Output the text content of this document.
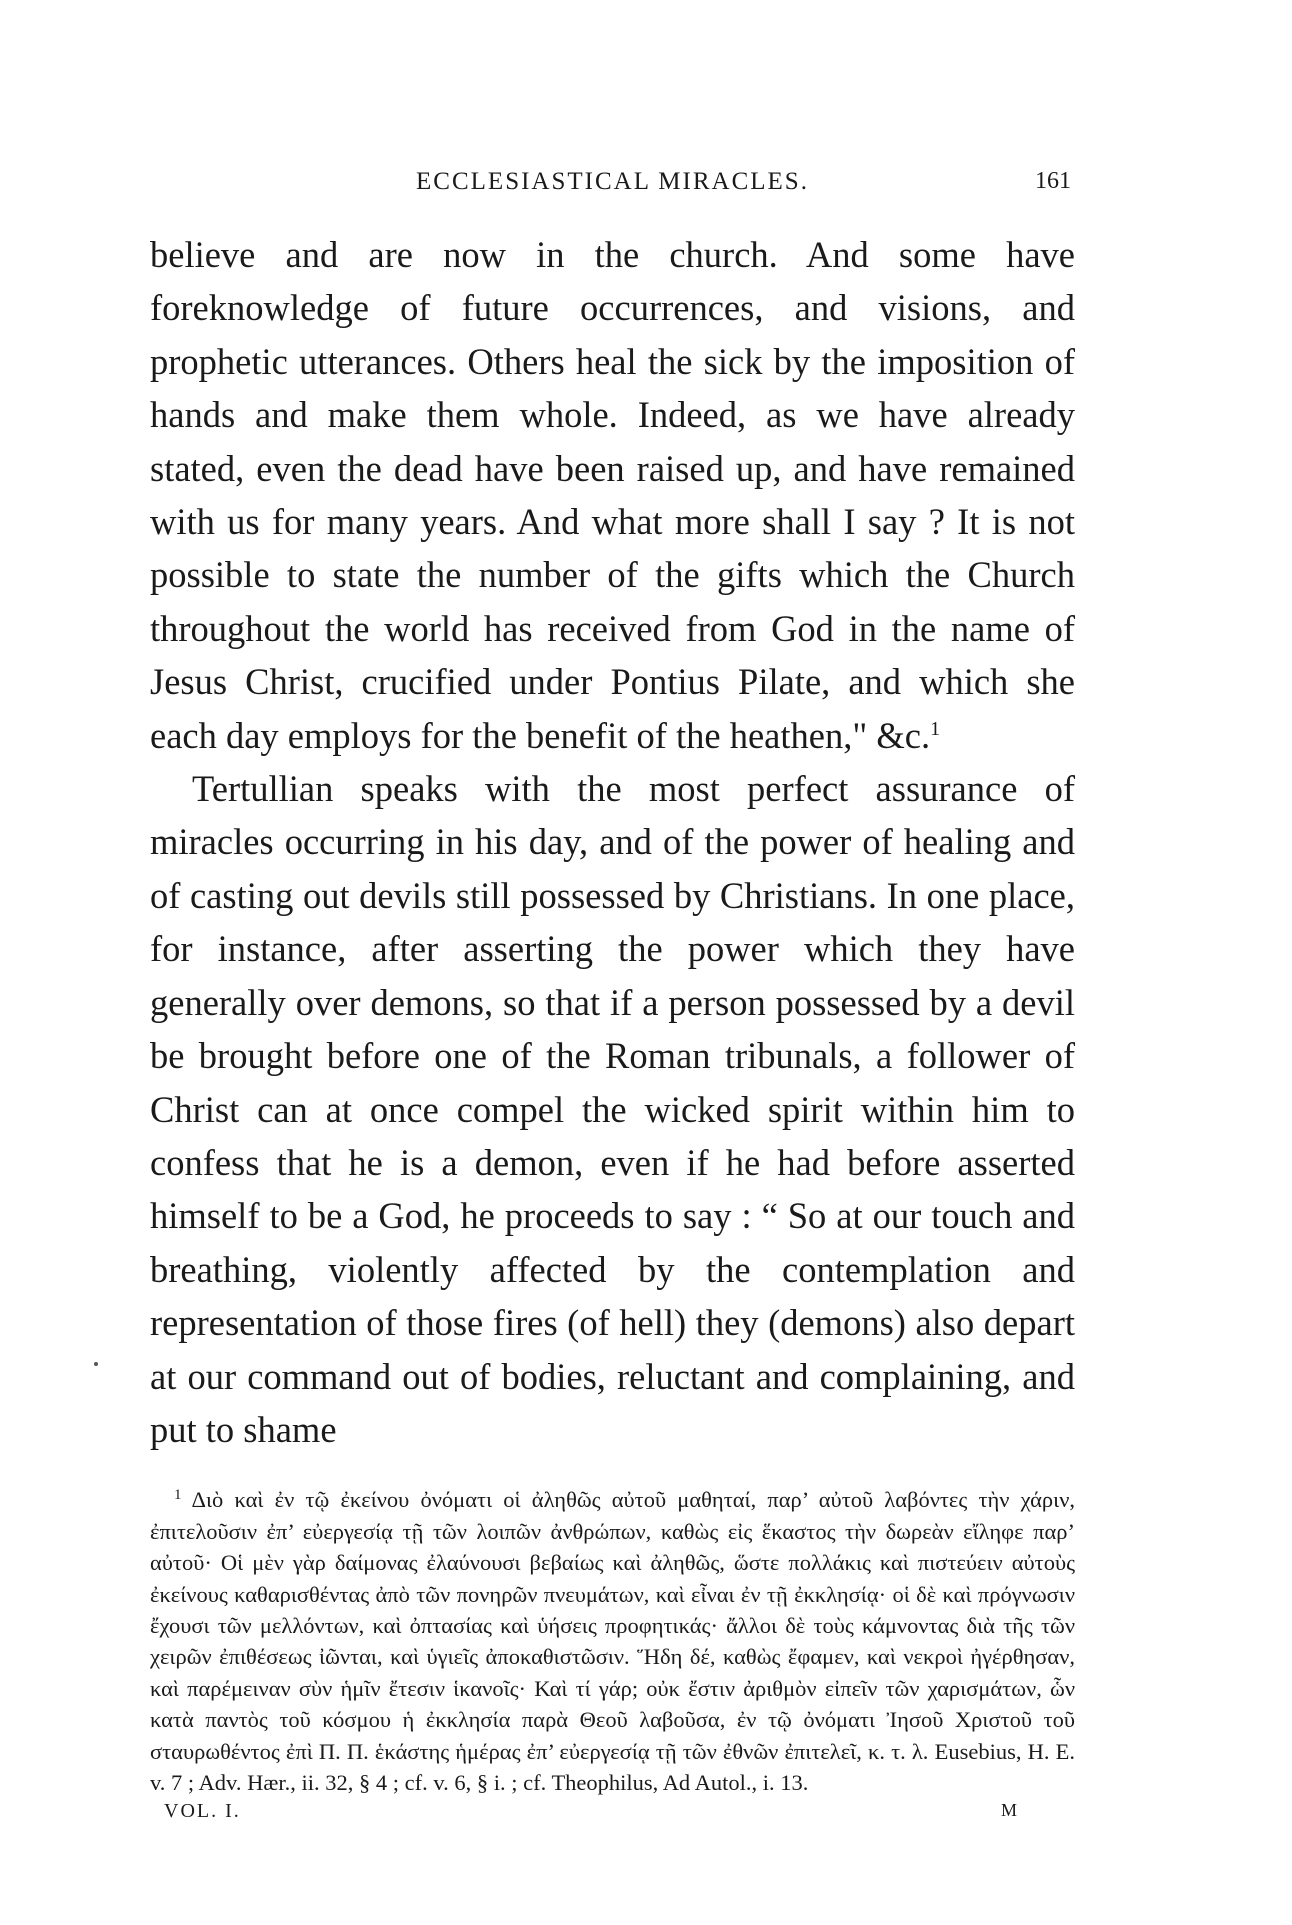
ECCLESIASTICAL MIRACLES.	161

believe and are now in the church. And some have foreknowledge of future occurrences, and visions, and prophetic utterances. Others heal the sick by the imposition of hands and make them whole. Indeed, as we have already stated, even the dead have been raised up, and have remained with us for many years. And what more shall I say ? It is not possible to state the number of the gifts which the Church throughout the world has received from God in the name of Jesus Christ, crucified under Pontius Pilate, and which she each day employs for the benefit of the heathen," &c.$^1$

Tertullian speaks with the most perfect assurance of miracles occurring in his day, and of the power of healing and of casting out devils still possessed by Christians. In one place, for instance, after asserting the power which they have generally over demons, so that if a person possessed by a devil be brought before one of the Roman tribunals, a follower of Christ can at once compel the wicked spirit within him to confess that he is a demon, even if he had before asserted himself to be a God, he proceeds to say : “ So at our touch and breathing, violently affected by the contemplation and representation of those fires (of hell) they (demons) also depart at our command out of bodies, reluctant and complaining, and put to shame

$^1$ Διὸ καὶ ἐν τῷ ἐκείνου ὀνόματι οἱ ἀληθῶς αὐτοῦ μαθηταί, παρ’ αὐτοῦ λαβόντες τὴν χάριν, ἐπιτελοῦσιν ἐπ’ εὐεργεσίᾳ τῇ τῶν λοιπῶν ἀνθρώπων, καθὼς εἰς ἕκαστος τὴν δωρεὰν εἴληφε παρ’ αὐτοῦ· Οἱ μὲν γὰρ δαίμονας ἐλαύνουσι βεβαίως καὶ ἀληθῶς, ὥστε πολλάκις καὶ πιστεύειν αὐτοὺς ἐκείνους καθαρισθέντας ἀπὸ τῶν πονηρῶν πνευμάτων, καὶ εἶναι ἐν τῇ ἐκκλησίᾳ· οἱ δὲ καὶ πρόγνωσιν ἔχουσι τῶν μελλόντων, καὶ ὀπτασίας καὶ ὑήσεις προφητικάς· ἄλλοι δὲ τοὺς κάμνοντας διὰ τῆς τῶν χειρῶν ἐπιθέσεως ἰῶνται, καὶ ὑγιεῖς ἀποκαθιστῶσιν. Ἥδη δέ, καθὼς ἔφαμεν, καὶ νεκροὶ ἠγέρθησαν, καὶ παρέμειναν σὺν ἡμῖν ἔτεσιν ἱκανοῖς· Καὶ τί γάρ; οὐκ ἔστιν ἀριθμὸν εἰπεῖν τῶν χαρισμάτων, ὧν κατὰ παντὸς τοῦ κόσμου ἡ ἐκκλησία παρὰ Θεοῦ λαβοῦσα, ἐν τῷ ὀνόματι Ἰησοῦ Χριστοῦ τοῦ σταυρωθέντος ἐπὶ Π. Π. ἑκάστης ἡμέρας ἐπ’ εὐεργεσίᾳ τῇ τῶν ἐθνῶν ἐπιτελεῖ, κ. τ. λ. Eusebius, H. E. v. 7 ; Adv. Hær., ii. 32, § 4 ; cf. v. 6, § i. ; cf. Theophilus, Ad Autol., i. 13.
VOL. I.	M
